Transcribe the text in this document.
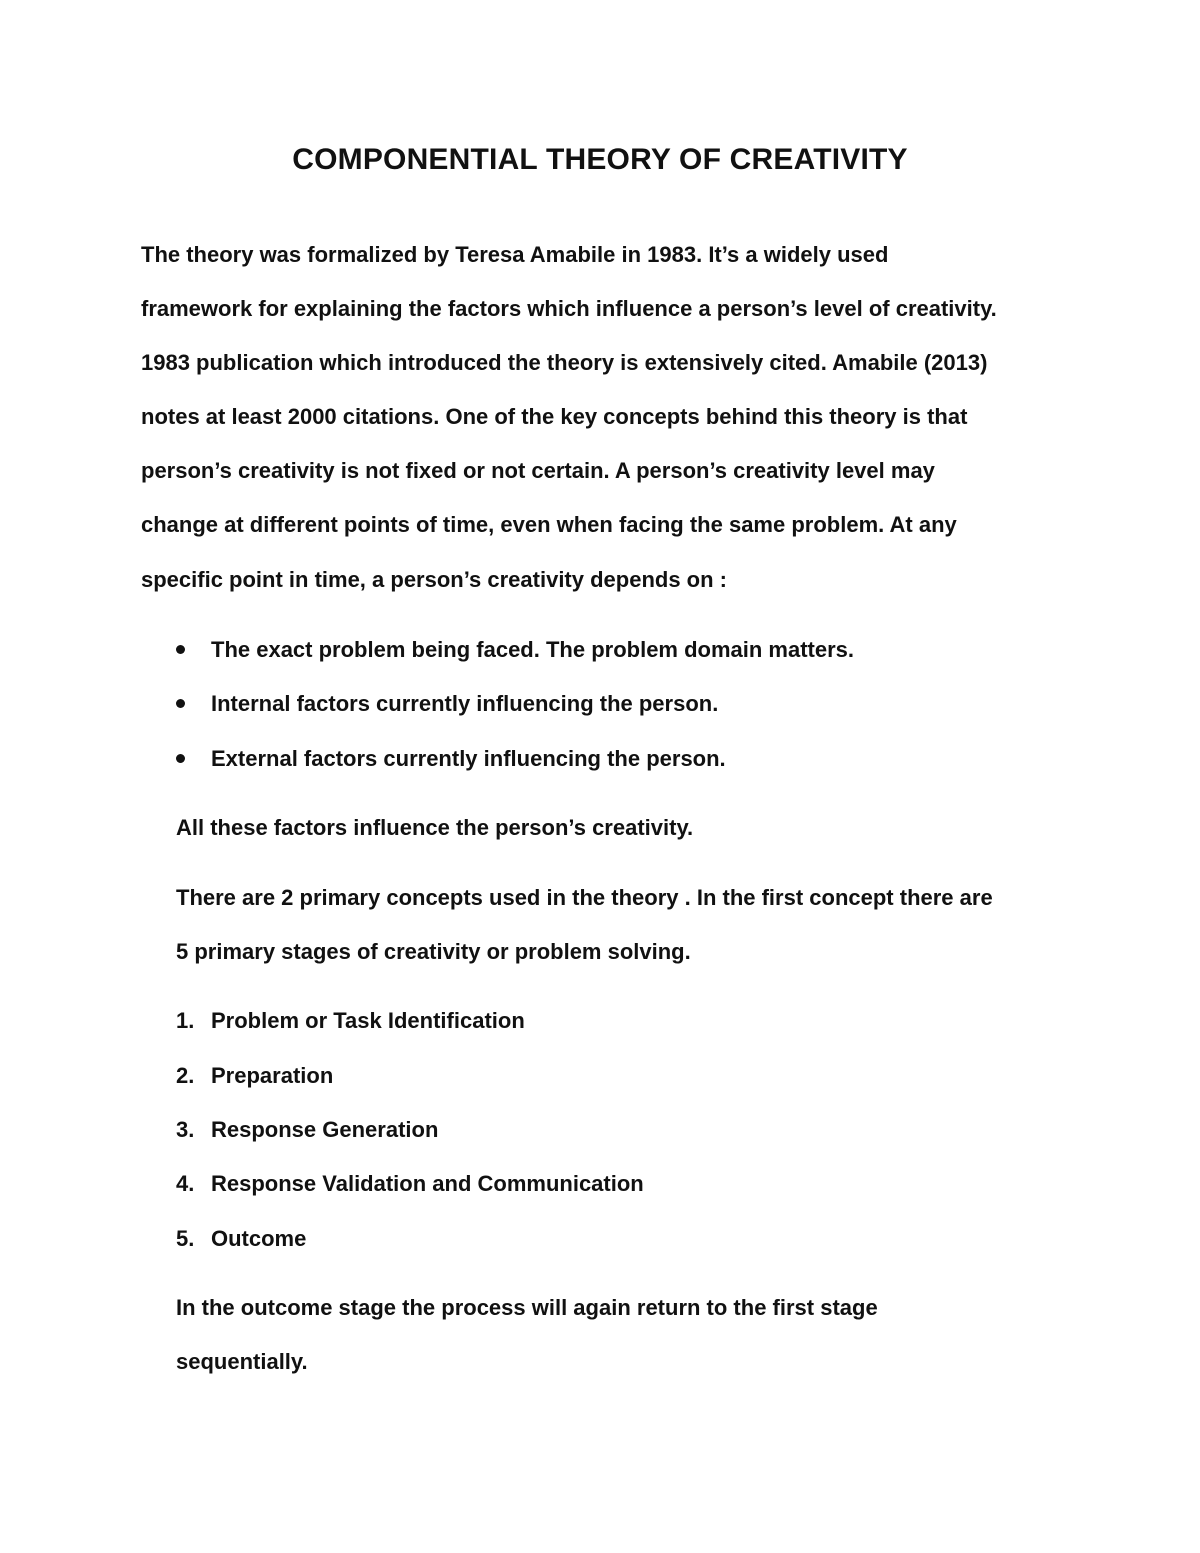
COMPONENTIAL THEORY OF CREATIVITY
The theory was formalized by Teresa Amabile in 1983. It’s a widely used
framework for explaining the factors which influence a person’s level of creativity.
1983 publication which introduced the theory is extensively cited. Amabile (2013)
notes at least 2000 citations. One of the key concepts behind this theory is that
person’s creativity is not fixed or not certain. A person’s creativity level may
change at different points of time, even when facing the same problem. At any
specific point in time, a person’s creativity depends on :
The exact problem being faced. The problem domain matters.
Internal factors currently influencing the person.
External factors currently influencing the person.
All these factors influence the person’s creativity.
There are 2 primary concepts used in the theory . In the first concept there are
5 primary stages of creativity or problem solving.
1. Problem or Task Identification
2. Preparation
3. Response Generation
4. Response Validation and Communication
5. Outcome
In the outcome stage the process will again return to the first stage
sequentially.
